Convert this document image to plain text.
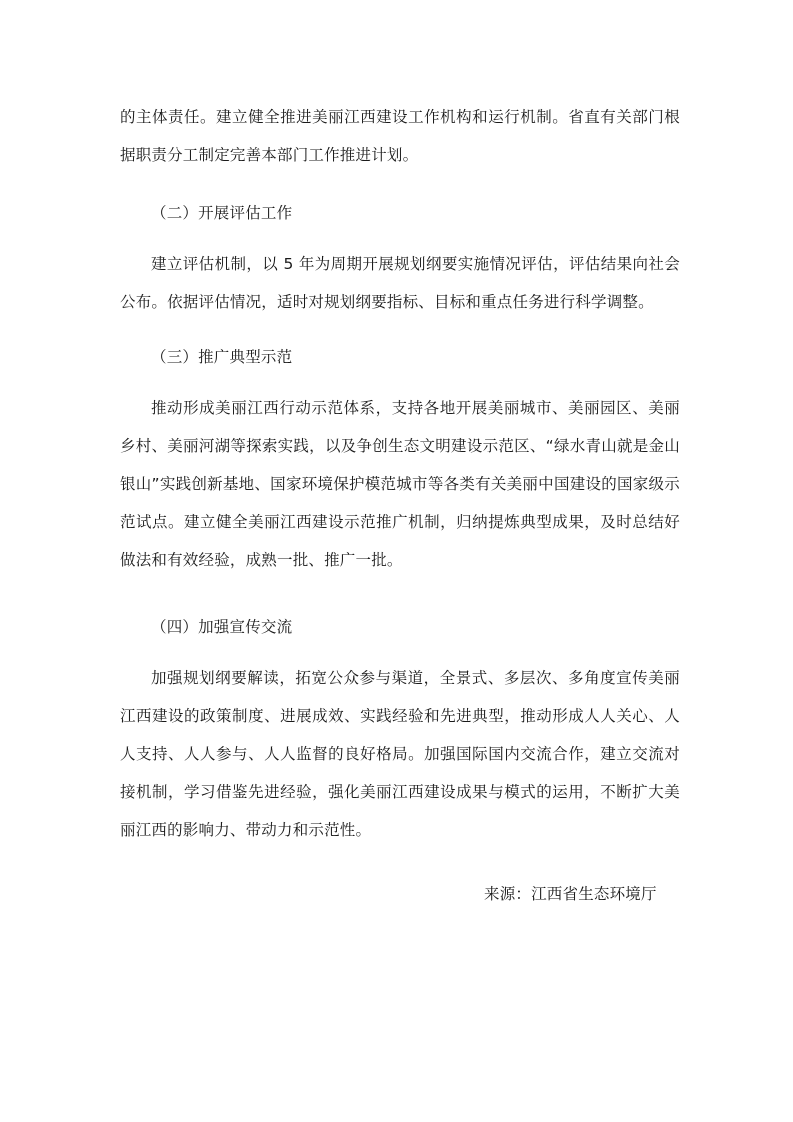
的主体责任。建立健全推进美丽江西建设工作机构和运行机制。省直有关部门根据职责分工制定完善本部门工作推进计划。

（二）开展评估工作

建立评估机制，以 5 年为周期开展规划纲要实施情况评估，评估结果向社会公布。依据评估情况，适时对规划纲要指标、目标和重点任务进行科学调整。

（三）推广典型示范

推动形成美丽江西行动示范体系，支持各地开展美丽城市、美丽园区、美丽乡村、美丽河湖等探索实践，以及争创生态文明建设示范区、“绿水青山就是金山银山”实践创新基地、国家环境保护模范城市等各类有关美丽中国建设的国家级示范试点。建立健全美丽江西建设示范推广机制，归纳提炼典型成果，及时总结好做法和有效经验，成熟一批、推广一批。

（四）加强宣传交流

加强规划纲要解读，拓宽公众参与渠道，全景式、多层次、多角度宣传美丽江西建设的政策制度、进展成效、实践经验和先进典型，推动形成人人关心、人人支持、人人参与、人人监督的良好格局。加强国际国内交流合作，建立交流对接机制，学习借鉴先进经验，强化美丽江西建设成果与模式的运用，不断扩大美丽江西的影响力、带动力和示范性。

来源：江西省生态环境厅
